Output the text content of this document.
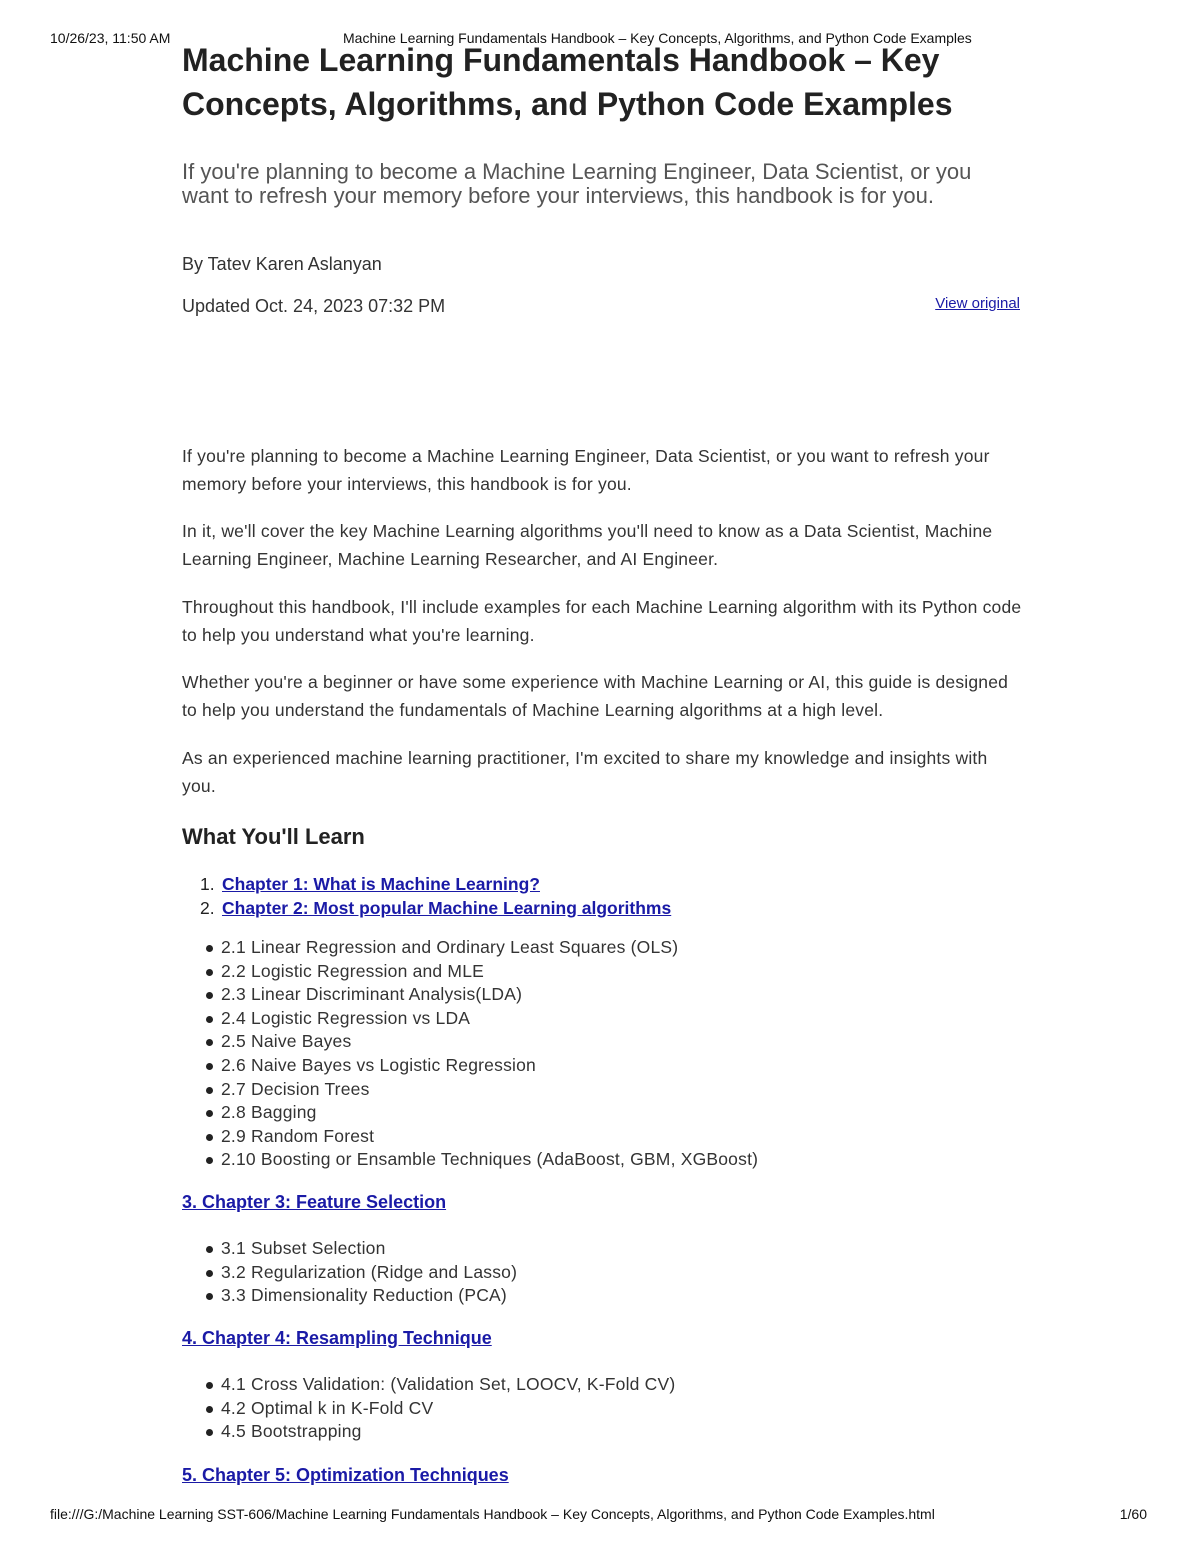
10/26/23, 11:50 AM	Machine Learning Fundamentals Handbook – Key Concepts, Algorithms, and Python Code Examples
Machine Learning Fundamentals Handbook – Key Concepts, Algorithms, and Python Code Examples

If you're planning to become a Machine Learning Engineer, Data Scientist, or you want to refresh your memory before your interviews, this handbook is for you.

By Tatev Karen Aslanyan
Updated Oct. 24, 2023 07:32 PM	View original

If you're planning to become a Machine Learning Engineer, Data Scientist, or you want to refresh your memory before your interviews, this handbook is for you.

In it, we'll cover the key Machine Learning algorithms you'll need to know as a Data Scientist, Machine Learning Engineer, Machine Learning Researcher, and AI Engineer.

Throughout this handbook, I'll include examples for each Machine Learning algorithm with its Python code to help you understand what you're learning.

Whether you're a beginner or have some experience with Machine Learning or AI, this guide is designed to help you understand the fundamentals of Machine Learning algorithms at a high level.

As an experienced machine learning practitioner, I'm excited to share my knowledge and insights with you.

What You'll Learn
1. Chapter 1: What is Machine Learning?
2. Chapter 2: Most popular Machine Learning algorithms
2.1 Linear Regression and Ordinary Least Squares (OLS)
2.2 Logistic Regression and MLE
2.3 Linear Discriminant Analysis(LDA)
2.4 Logistic Regression vs LDA
2.5 Naive Bayes
2.6 Naive Bayes vs Logistic Regression
2.7 Decision Trees
2.8 Bagging
2.9 Random Forest
2.10 Boosting or Ensamble Techniques (AdaBoost, GBM, XGBoost)
3. Chapter 3: Feature Selection
3.1 Subset Selection
3.2 Regularization (Ridge and Lasso)
3.3 Dimensionality Reduction (PCA)
4. Chapter 4: Resampling Technique
4.1 Cross Validation: (Validation Set, LOOCV, K-Fold CV)
4.2 Optimal k in K-Fold CV
4.5 Bootstrapping
5. Chapter 5: Optimization Techniques
file:///G:/Machine Learning SST-606/Machine Learning Fundamentals Handbook – Key Concepts, Algorithms, and Python Code Examples.html	1/60
